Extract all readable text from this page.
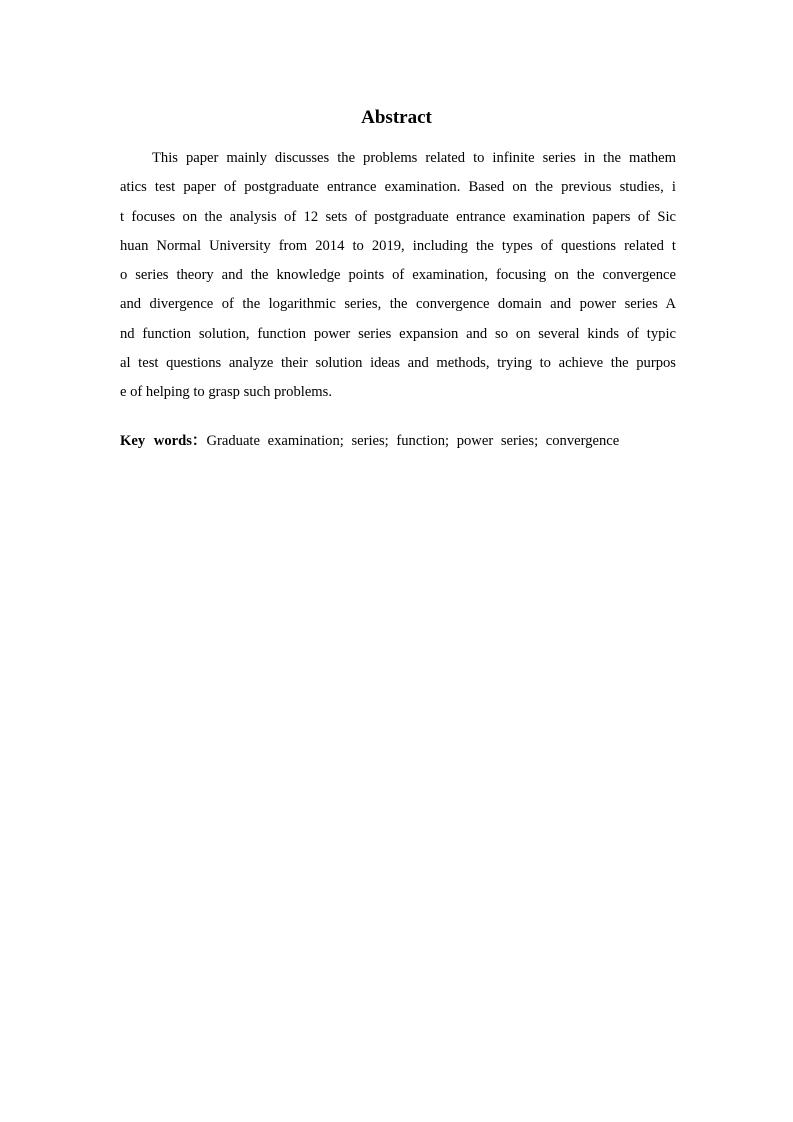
Abstract
This paper mainly discusses the problems related to infinite series in the mathem
atics test paper of postgraduate entrance examination. Based on the previous studies, i
t focuses on the analysis of 12 sets of postgraduate entrance examination papers of Sic
huan Normal University from 2014 to 2019, including the types of questions related t
o series theory and the knowledge points of examination, focusing on the convergence
and divergence of the logarithmic series, the convergence domain and power series A
nd function solution, function power series expansion and so on several kinds of typic
al test questions analyze their solution ideas and methods, trying to achieve the purpos
e of helping to grasp such problems.
Key words：Graduate examination; series; function; power series; convergence
